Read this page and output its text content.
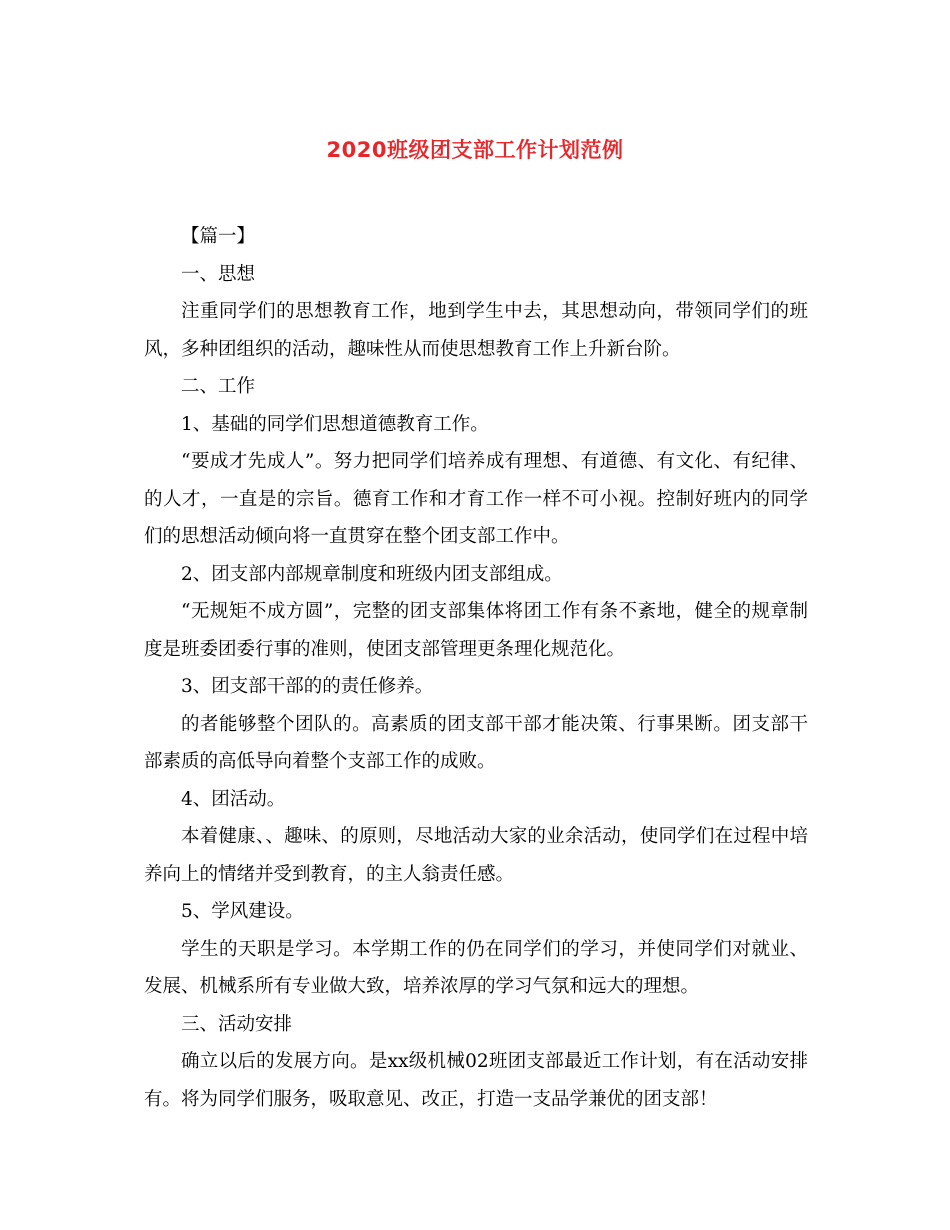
2020班级团支部工作计划范例
【篇一】
一、思想
注重同学们的思想教育工作，地到学生中去，其思想动向，带领同学们的班风，多种团组织的活动，趣味性从而使思想教育工作上升新台阶。
二、工作
1、基础的同学们思想道德教育工作。
“要成才先成人”。努力把同学们培养成有理想、有道德、有文化、有纪律、的人才，一直是的宗旨。德育工作和才育工作一样不可小视。控制好班内的同学们的思想活动倾向将一直贯穿在整个团支部工作中。
2、团支部内部规章制度和班级内团支部组成。
“无规矩不成方圆”，完整的团支部集体将团工作有条不紊地，健全的规章制度是班委团委行事的准则，使团支部管理更条理化规范化。
3、团支部干部的的责任修养。
的者能够整个团队的。高素质的团支部干部才能决策、行事果断。团支部干部素质的高低导向着整个支部工作的成败。
4、团活动。
本着健康、、趣味、的原则，尽地活动大家的业余活动，使同学们在过程中培养向上的情绪并受到教育，的主人翁责任感。
5、学风建设。
学生的天职是学习。本学期工作的仍在同学们的学习，并使同学们对就业、发展、机械系所有专业做大致，培养浓厚的学习气氛和远大的理想。
三、活动安排
确立以后的发展方向。是xx级机械02班团支部最近工作计划，有在活动安排有。将为同学们服务，吸取意见、改正，打造一支品学兼优的团支部！
